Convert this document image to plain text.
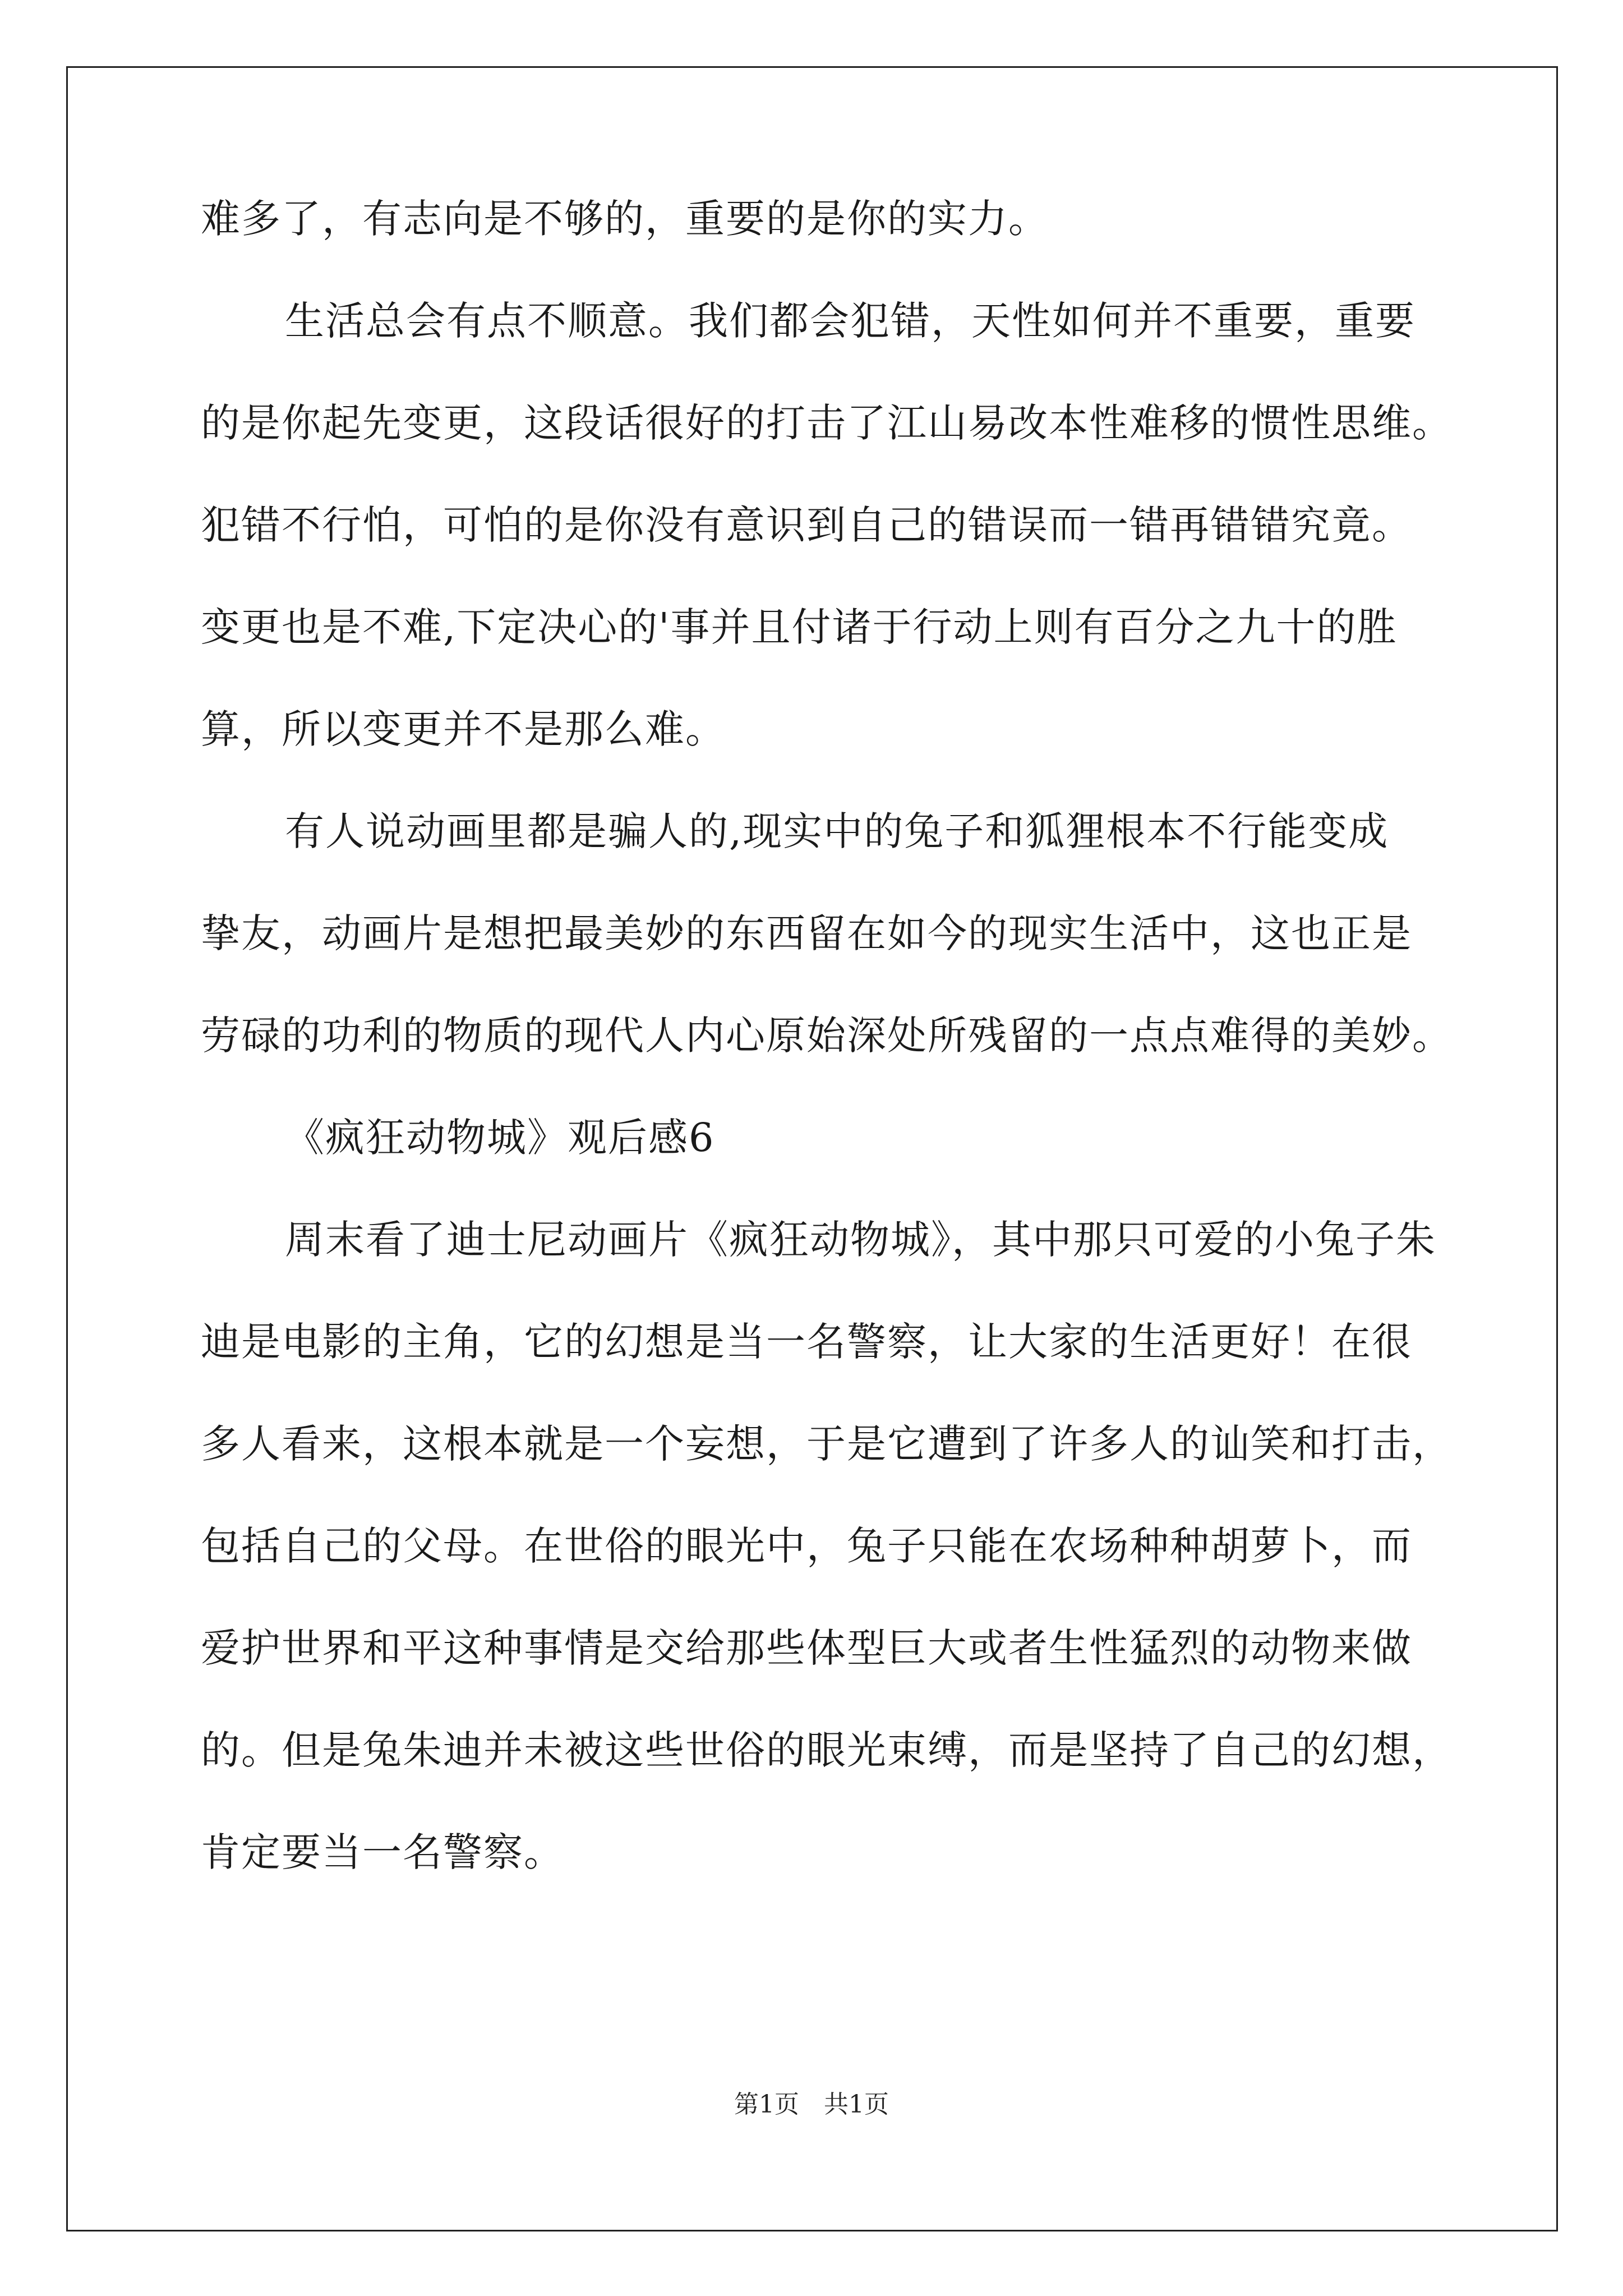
难多了，有志向是不够的，重要的是你的实力。
生活总会有点不顺意。我们都会犯错，天性如何并不重要，重要
的是你起先变更，这段话很好的打击了江山易改本性难移的惯性思维。
犯错不行怕，可怕的是你没有意识到自己的错误而一错再错错究竟。
变更也是不难,下定决心的'事并且付诸于行动上则有百分之九十的胜
算，所以变更并不是那么难。
有人说动画里都是骗人的,现实中的兔子和狐狸根本不行能变成
挚友，动画片是想把最美妙的东西留在如今的现实生活中，这也正是
劳碌的功利的物质的现代人内心原始深处所残留的一点点难得的美妙。
《疯狂动物城》观后感6
周末看了迪士尼动画片《疯狂动物城》，其中那只可爱的小兔子朱
迪是电影的主角，它的幻想是当一名警察，让大家的生活更好！在很
多人看来，这根本就是一个妄想，于是它遭到了许多人的讪笑和打击，
包括自己的父母。在世俗的眼光中，兔子只能在农场种种胡萝卜，而
爱护世界和平这种事情是交给那些体型巨大或者生性猛烈的动物来做
的。但是兔朱迪并未被这些世俗的眼光束缚，而是坚持了自己的幻想，
肯定要当一名警察。
第1页　共1页
